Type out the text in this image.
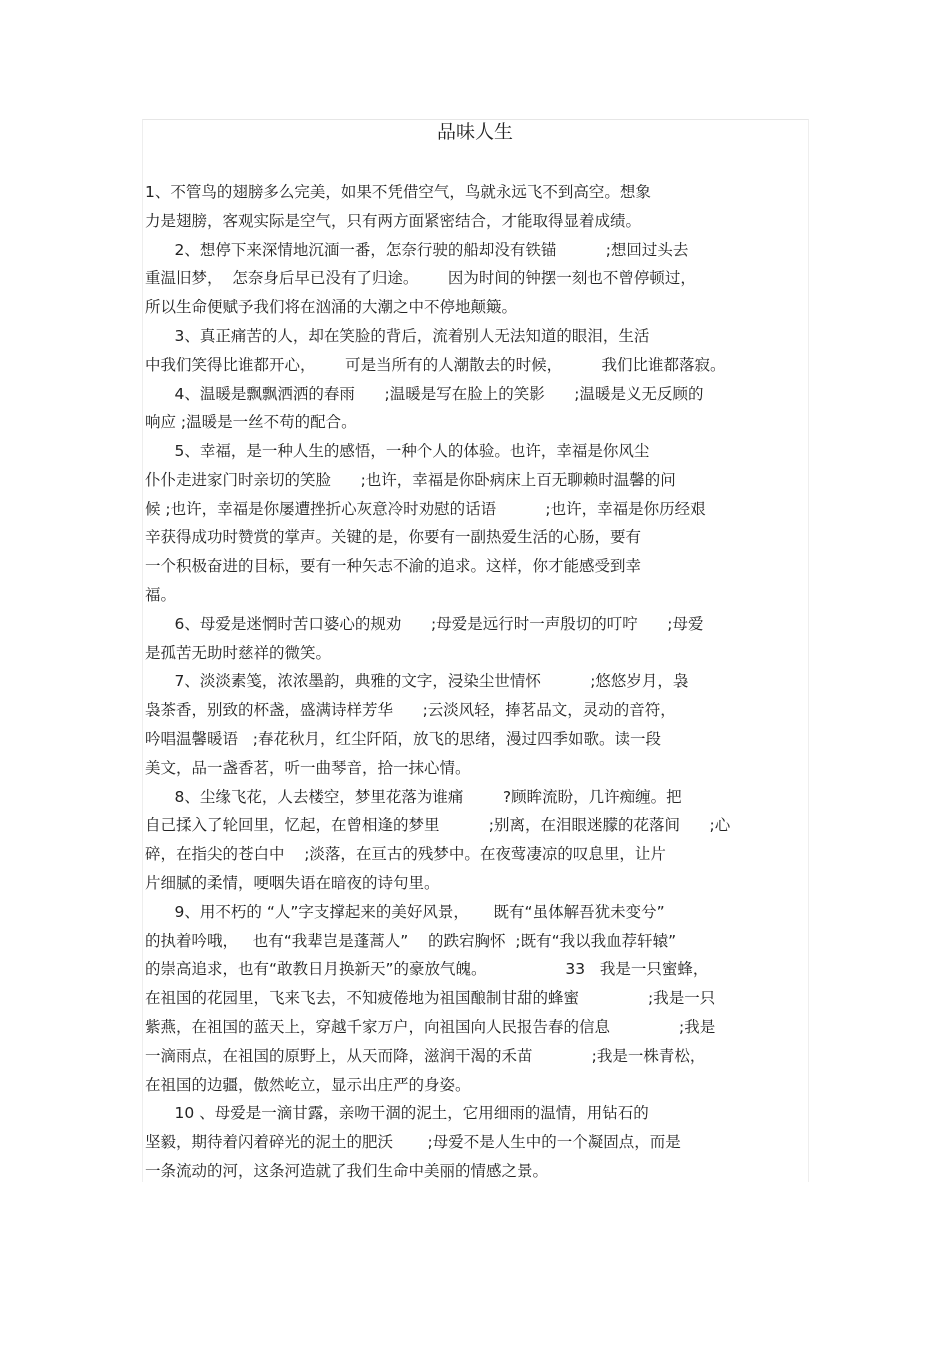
品味人生
1、不管鸟的翅膀多么完美，如果不凭借空气，鸟就永远飞不到高空。想象
力是翅膀，客观实际是空气，只有两方面紧密结合，才能取得显着成绩。
2、想停下来深情地沉湎一番，怎奈行驶的船却没有铁锚          ;想回过头去
重温旧梦，  怎奈身后早已没有了归途。      因为时间的钟摆一刻也不曾停顿过，
所以生命便赋予我们将在汹涌的大潮之中不停地颠簸。
3、真正痛苦的人，却在笑脸的背后，流着别人无法知道的眼泪，生活
中我们笑得比谁都开心，      可是当所有的人潮散去的时候，        我们比谁都落寂。
4、温暖是飘飘洒洒的春雨      ;温暖是写在脸上的笑影      ;温暖是义无反顾的
响应 ;温暖是一丝不苟的配合。
5、幸福，是一种人生的感悟，一种个人的体验。也许，幸福是你风尘
仆仆走进家门时亲切的笑脸      ;也许，幸福是你卧病床上百无聊赖时温馨的问
候 ;也许，幸福是你屡遭挫折心灰意冷时劝慰的话语          ;也许，幸福是你历经艰
辛获得成功时赞赏的掌声。关键的是，你要有一副热爱生活的心肠，要有
一个积极奋进的目标，要有一种矢志不渝的追求。这样，你才能感受到幸
福。
6、母爱是迷惘时苦口婆心的规劝      ;母爱是远行时一声殷切的叮咛      ;母爱
是孤苦无助时慈祥的微笑。
7、淡淡素笺，浓浓墨韵，典雅的文字，浸染尘世情怀          ;悠悠岁月，袅
袅茶香，别致的杯盏，盛满诗样芳华      ;云淡风轻，捧茗品文，灵动的音符，
吟唱温馨暖语   ;春花秋月，红尘阡陌，放飞的思绪，漫过四季如歌。读一段
美文，品一盏香茗，听一曲琴音，拾一抹心情。
8、尘缘飞花，人去楼空，梦里花落为谁痛        ?顾眸流盼，几许痴缠。把
自己揉入了轮回里，忆起，在曾相逢的梦里          ;别离，在泪眼迷朦的花落间      ;心
碎，在指尖的苍白中    ;淡落，在亘古的残梦中。在夜莺凄凉的叹息里，让片
片细腻的柔情，哽咽失语在暗夜的诗句里。
9、用不朽的 “人”字支撑起来的美好风景，     既有“虽体解吾犹未变兮”
的执着吟哦，   也有“我辈岂是蓬蒿人”    的跌宕胸怀  ;既有“我以我血荐轩辕”
的崇高追求，也有“敢教日月换新天”的豪放气魄。                33   我是一只蜜蜂，
在祖国的花园里，飞来飞去，不知疲倦地为祖国酿制甘甜的蜂蜜              ;我是一只
紫燕，在祖国的蓝天上，穿越千家万户，向祖国向人民报告春的信息              ;我是
一滴雨点，在祖国的原野上，从天而降，滋润干渴的禾苗            ;我是一株青松，
在祖国的边疆，傲然屹立，显示出庄严的身姿。
10 、母爱是一滴甘露，亲吻干涸的泥土，它用细雨的温情，用钻石的
坚毅，期待着闪着碎光的泥土的肥沃       ;母爱不是人生中的一个凝固点，而是
一条流动的河，这条河造就了我们生命中美丽的情感之景。
